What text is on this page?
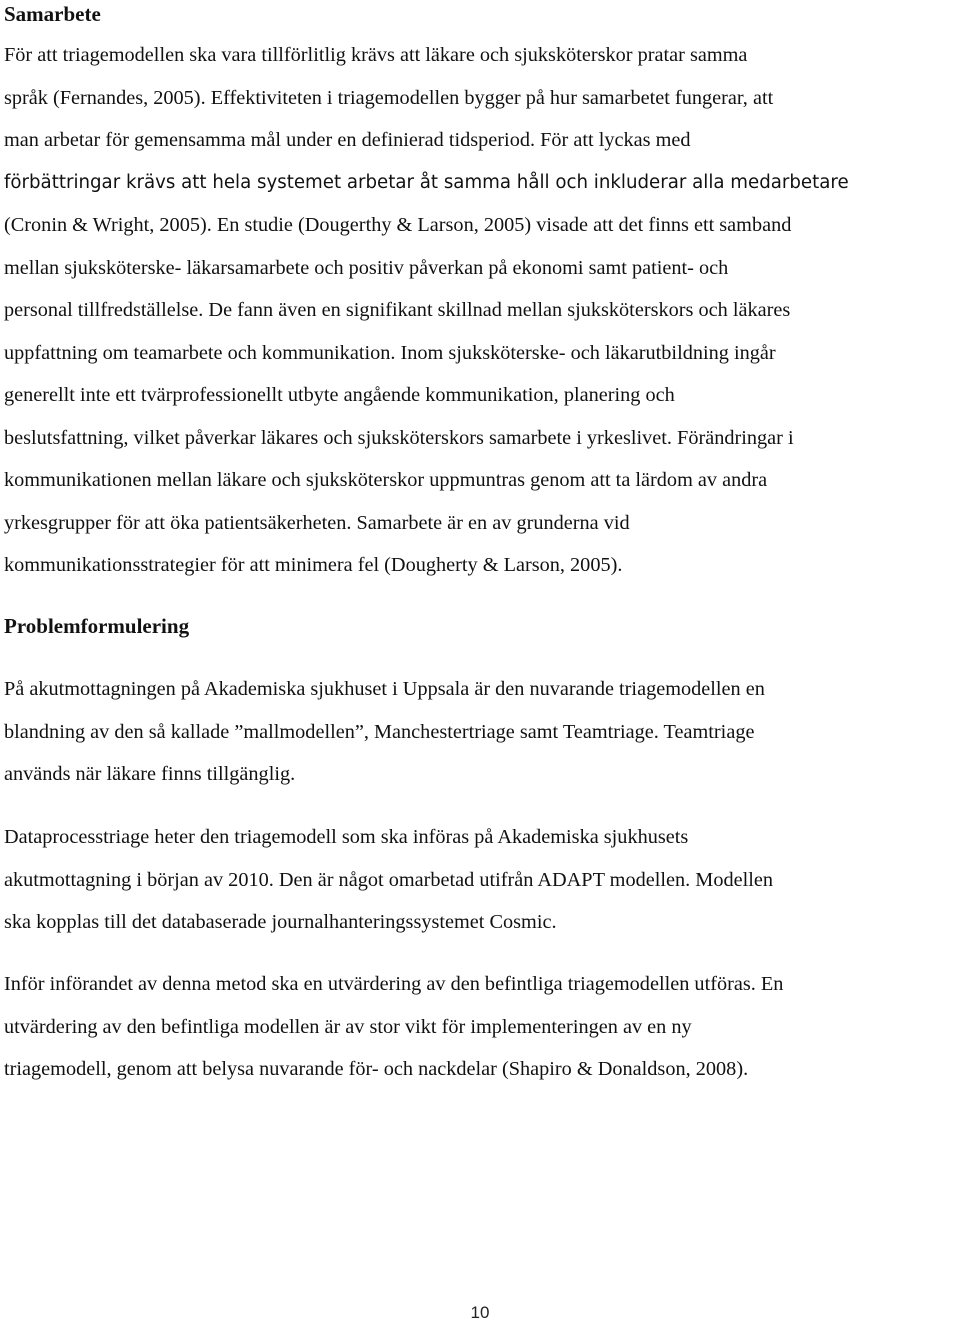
Samarbete

För att triagemodellen ska vara tillförlitlig krävs att läkare och sjuksköterskor pratar samma
språk (Fernandes, 2005). Effektiviteten i triagemodellen bygger på hur samarbetet fungerar, att
man arbetar för gemensamma mål under en definierad tidsperiod. För att lyckas med
förbättringar krävs att hela systemet arbetar åt samma håll och inkluderar alla medarbetare
(Cronin & Wright, 2005). En studie (Dougerthy & Larson, 2005) visade att det finns ett samband
mellan sjuksköterske- läkarsamarbete och positiv påverkan på ekonomi samt patient- och
personal tillfredställelse. De fann även en signifikant skillnad mellan sjuksköterskors och läkares
uppfattning om teamarbete och kommunikation. Inom sjuksköterske- och läkarutbildning ingår
generellt inte ett tvärprofessionellt utbyte angående kommunikation, planering och
beslutsfattning, vilket påverkar läkares och sjuksköterskors samarbete i yrkeslivet. Förändringar i
kommunikationen mellan läkare och sjuksköterskor uppmuntras genom att ta lärdom av andra
yrkesgrupper för att öka patientsäkerheten. Samarbete är en av grunderna vid
kommunikationsstrategier för att minimera fel (Dougherty & Larson, 2005).

Problemformulering

På akutmottagningen på Akademiska sjukhuset i Uppsala är den nuvarande triagemodellen en
blandning av den så kallade ”mallmodellen”, Manchestertriage samt Teamtriage. Teamtriage
används när läkare finns tillgänglig.

Dataprocesstriage heter den triagemodell som ska införas på Akademiska sjukhusets
akutmottagning i början av 2010. Den är något omarbetad utifrån ADAPT modellen. Modellen
ska kopplas till det databaserade journalhanteringssystemet Cosmic.

Inför införandet av denna metod ska en utvärdering av den befintliga triagemodellen utföras. En
utvärdering av den befintliga modellen är av stor vikt för implementeringen av en ny
triagemodell, genom att belysa nuvarande för- och nackdelar (Shapiro & Donaldson, 2008).

10
